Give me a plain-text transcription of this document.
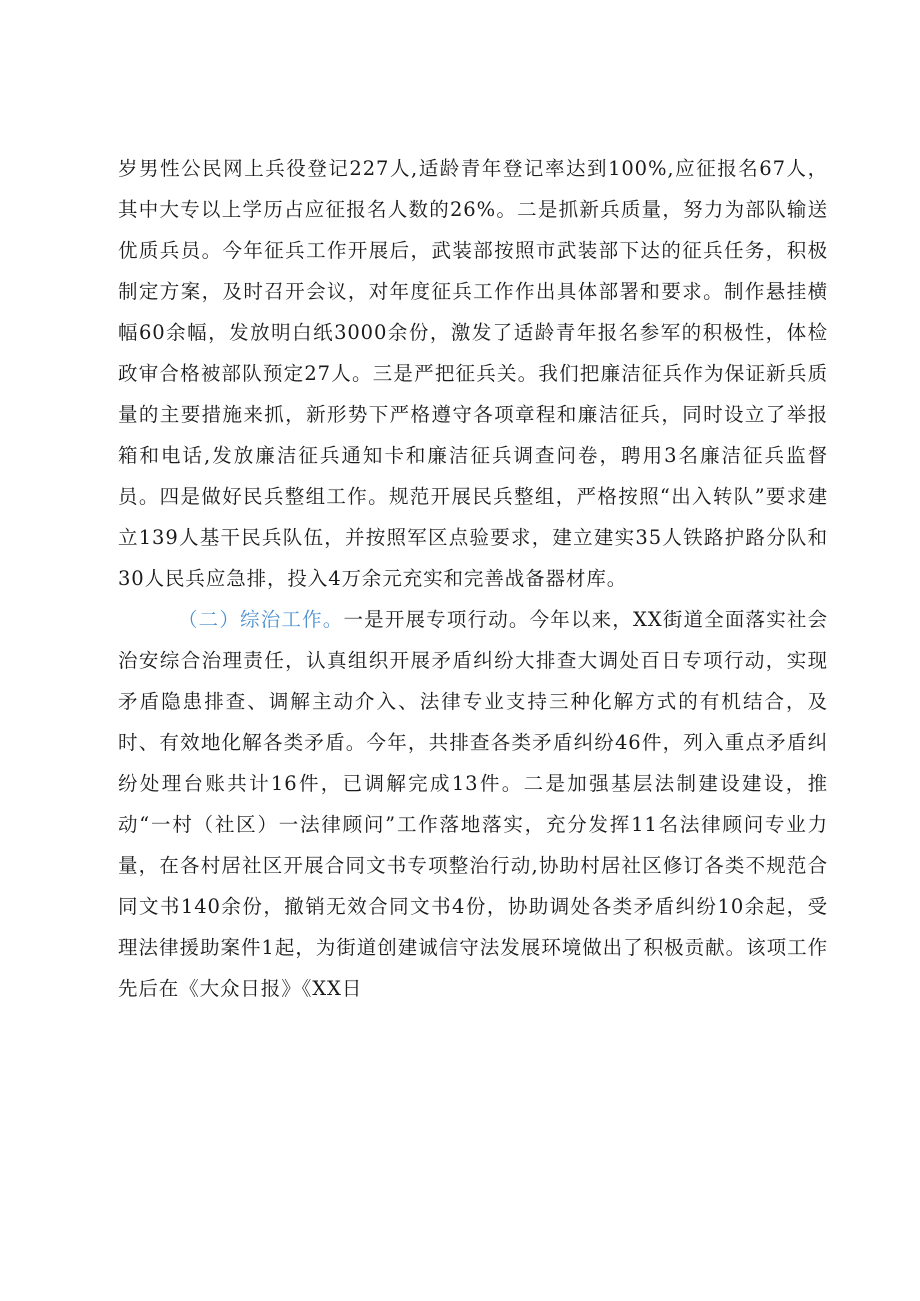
岁男性公民网上兵役登记227人,适龄青年登记率达到100%,应征报名67人，其中大专以上学历占应征报名人数的26%。二是抓新兵质量，努力为部队输送优质兵员。今年征兵工作开展后，武装部按照市武装部下达的征兵任务，积极制定方案，及时召开会议，对年度征兵工作作出具体部署和要求。制作悬挂横幅60余幅，发放明白纸3000余份，激发了适龄青年报名参军的积极性，体检政审合格被部队预定27人。三是严把征兵关。我们把廉洁征兵作为保证新兵质量的主要措施来抓，新形势下严格遵守各项章程和廉洁征兵，同时设立了举报箱和电话,发放廉洁征兵通知卡和廉洁征兵调查问卷，聘用3名廉洁征兵监督员。四是做好民兵整组工作。规范开展民兵整组，严格按照“出入转队”要求建立139人基干民兵队伍，并按照军区点验要求，建立建实35人铁路护路分队和30人民兵应急排，投入4万余元充实和完善战备器材库。

（二）综治工作。一是开展专项行动。今年以来，XX街道全面落实社会治安综合治理责任，认真组织开展矛盾纠纷大排查大调处百日专项行动，实现矛盾隐患排查、调解主动介入、法律专业支持三种化解方式的有机结合，及时、有效地化解各类矛盾。今年，共排查各类矛盾纠纷46件，列入重点矛盾纠纷处理台账共计16件，已调解完成13件。二是加强基层法制建设建设，推动“一村（社区）一法律顾问”工作落地落实，充分发挥11名法律顾问专业力量，在各村居社区开展合同文书专项整治行动,协助村居社区修订各类不规范合同文书140余份，撤销无效合同文书4份，协助调处各类矛盾纠纷10余起，受理法律援助案件1起，为街道创建诚信守法发展环境做出了积极贡献。该项工作先后在《大众日报》《XX日
